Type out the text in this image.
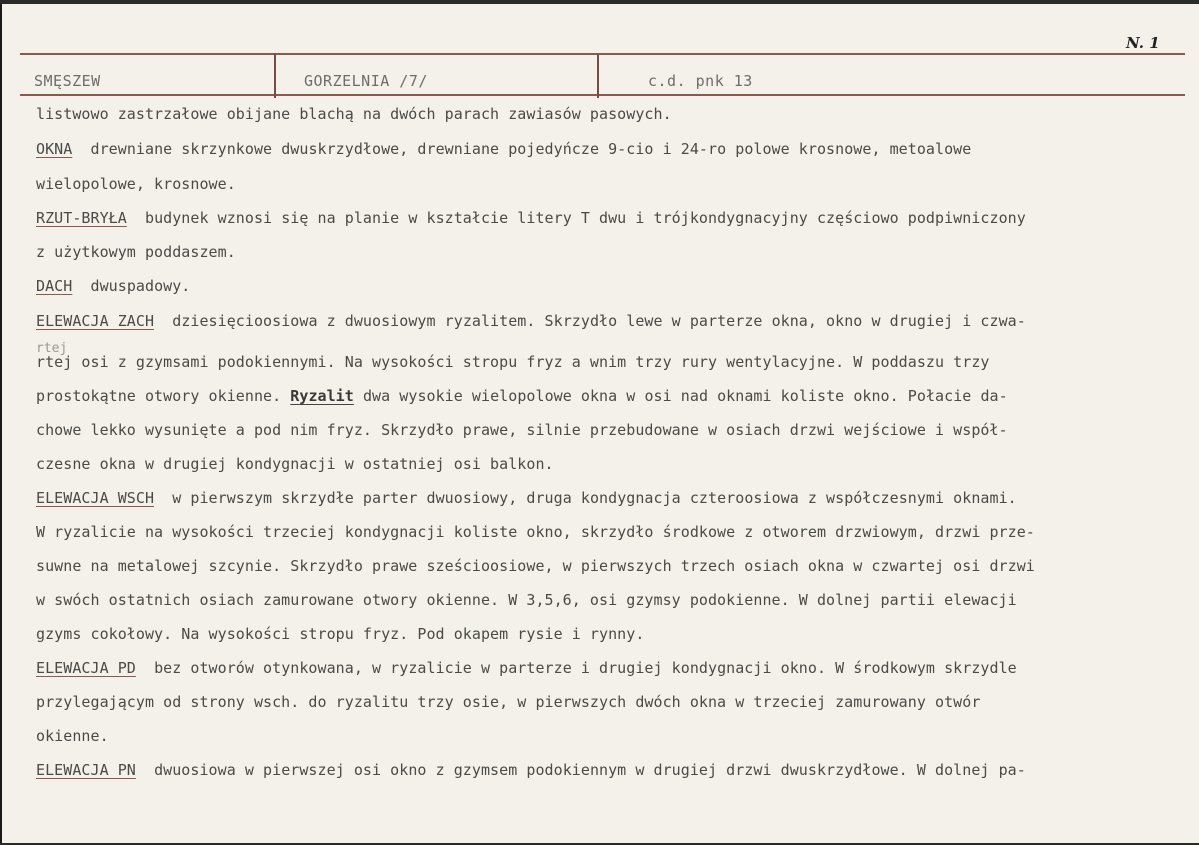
N. 1
SMĘSZEW	GORZELNIA /7/	c.d. pnk 13
listwowo zastrzałowe obijane blachą na dwóch parach zawiasów pasowych.
OKNA drewniane skrzynkowe dwuskrzydłowe, drewniane pojedyńcze 9-cio i 24-ro polowe krosnowe, metoalowe
wielopolowe, krosnowe.
RZUT-BRYŁA budynek wznosi się na planie w kształcie litery T dwu i trójkondygnacyjny częściowo podpiwniczony
z użytkowym poddaszem.
DACH dwuspadowy.
ELEWACJA ZACH dziesięcioosiowa z dwuosiowym ryzalitem. Skrzydło lewe w parterze okna, okno w drugiej i czwa-
rtej
rtej osi z gzymsami podokiennymi. Na wysokości stropu fryz a wnim trzy rury wentylacyjne. W poddaszu trzy
prostokątne otwory okienne. Ryzalit dwa wysokie wielopolowe okna w osi nad oknami koliste okno. Połacie da-
chowe lekko wysunięte a pod nim fryz. Skrzydło prawe, silnie przebudowane w osiach drzwi wejściowe i współ-
czesne okna w drugiej kondygnacji w ostatniej osi balkon.
ELEWACJA WSCH w pierwszym skrzydłe parter dwuosiowy, druga kondygnacja czteroosiowa z współczesnymi oknami.
W ryzalicie na wysokości trzeciej kondygnacji koliste okno, skrzydło środkowe z otworem drzwiowym, drzwi prze-
suwne na metalowej szcynie. Skrzydło prawe sześcioosiowe, w pierwszych trzech osiach okna w czwartej osi drzwi
w swóch ostatnich osiach zamurowane otwory okienne. W 3,5,6, osi gzymsy podokienne. W dolnej partii elewacji
gzyms cokołowy. Na wysokości stropu fryz. Pod okapem rysie i rynny.
ELEWACJA PD bez otworów otynkowana, w ryzalicie w parterze i drugiej kondygnacji okno. W środkowym skrzydle
przylegającym od strony wsch. do ryzalitu trzy osie, w pierwszych dwóch okna w trzeciej zamurowany otwór
okienne.
ELEWACJA PN dwuosiowa w pierwszej osi okno z gzymsem podokiennym w drugiej drzwi dwuskrzydłowe. W dolnej pa-
